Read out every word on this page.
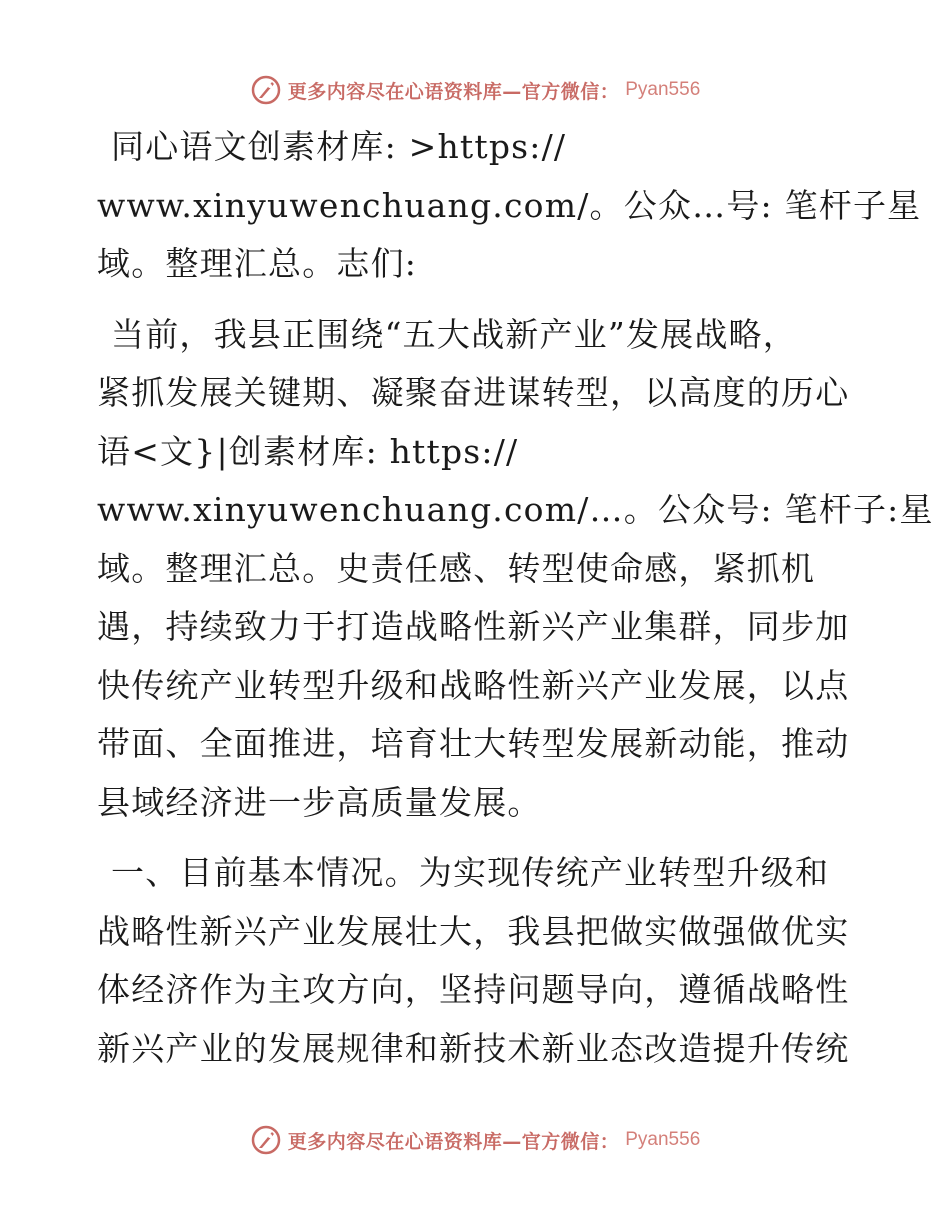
更多内容尽在心语资料库—官方微信： Pyan556
同心语文创素材库: >https://
www.xinyuwenchuang.com/。公众…号: 笔杆子星
域。整理汇总。志们:
当前，我县正围绕“五大战新产业”发展战略，
紧抓发展关键期、凝聚奋进谋转型，以高度的历心
语<文}|创素材库: https://
www.xinyuwenchuang.com/…。公众号: 笔杆子:星
域。整理汇总。史责任感、转型使命感，紧抓机
遇，持续致力于打造战略性新兴产业集群，同步加
快传统产业转型升级和战略性新兴产业发展，以点
带面、全面推进，培育壮大转型发展新动能，推动
县域经济进一步高质量发展。
一、目前基本情况。为实现传统产业转型升级和
战略性新兴产业发展壮大，我县把做实做强做优实
体经济作为主攻方向，坚持问题导向，遵循战略性
新兴产业的发展规律和新技术新业态改造提升传统
更多内容尽在心语资料库—官方微信： Pyan556
